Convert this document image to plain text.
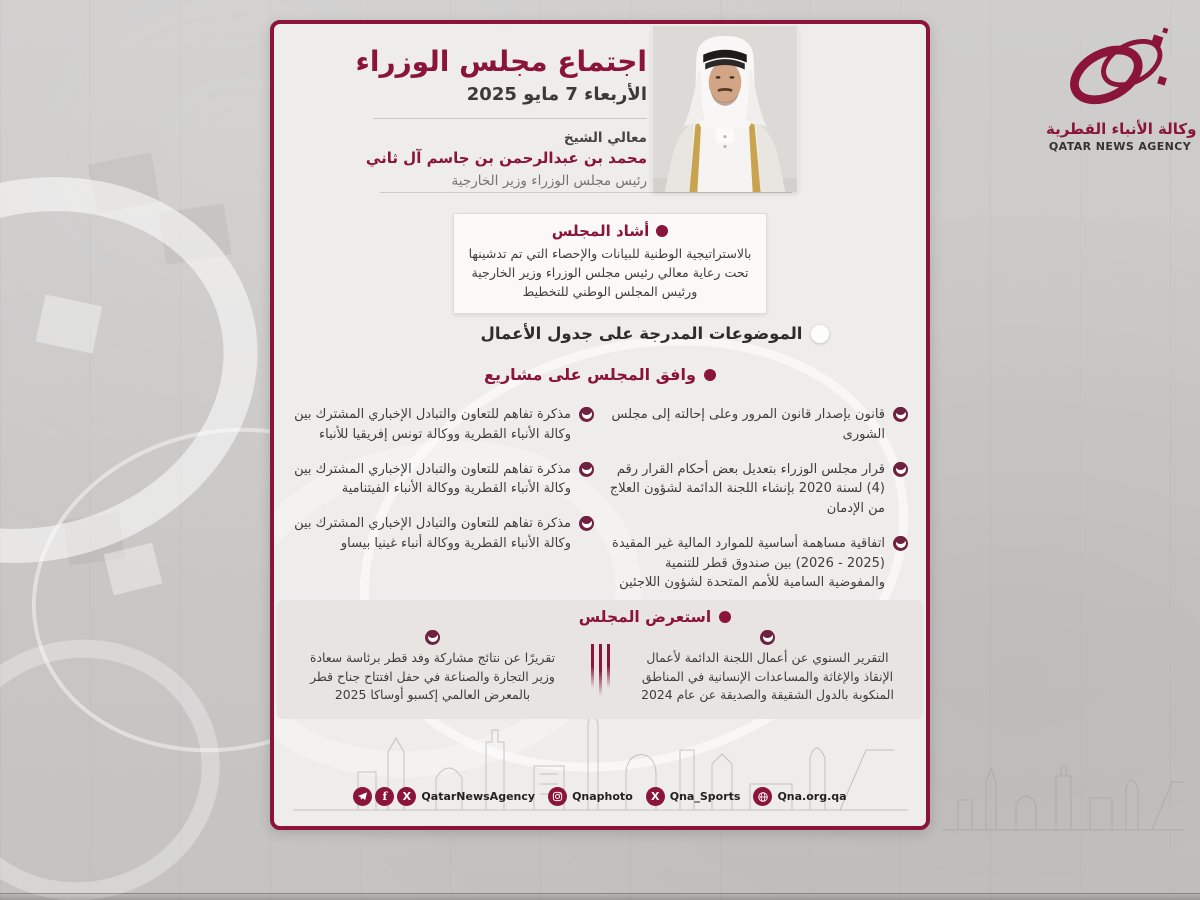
وكالة الأنباء القطرية
QATAR NEWS AGENCY
اجتماع مجلس الوزراء
الأربعاء 7 مايو 2025
معالي الشيخ
محمد بن عبدالرحمن بن جاسم آل ثاني
رئيس مجلس الوزراء وزير الخارجية
أشاد المجلس

بالاستراتيجية الوطنية للبيانات والإحصاء التي تم تدشينها تحت رعاية معالي رئيس مجلس الوزراء وزير الخارجية ورئيس المجلس الوطني للتخطيط

الموضوعات المدرجة على جدول الأعمال
وافق المجلس على مشاريع
قانون بإصدار قانون المرور وعلى إحالته إلى مجلس الشورى
قرار مجلس الوزراء بتعديل بعض أحكام القرار رقم (4) لسنة 2020 بإنشاء اللجنة الدائمة لشؤون العلاج من الإدمان
اتفاقية مساهمة أساسية للموارد المالية غير المقيدة (2025 - 2026) بين صندوق قطر للتنمية والمفوضية السامية للأمم المتحدة لشؤون اللاجئين
مذكرة تفاهم للتعاون والتبادل الإخباري المشترك بين وكالة الأنباء القطرية ووكالة تونس إفريقيا للأنباء
مذكرة تفاهم للتعاون والتبادل الإخباري المشترك بين وكالة الأنباء القطرية ووكالة الأنباء الفيتنامية
مذكرة تفاهم للتعاون والتبادل الإخباري المشترك بين وكالة الأنباء القطرية ووكالة أنباء غينيا بيساو
استعرض المجلس
التقرير السنوي عن أعمال اللجنة الدائمة لأعمال الإنقاذ والإغاثة والمساعدات الإنسانية في المناطق المنكوبة بالدول الشقيقة والصديقة عن عام 2024
تقريرًا عن نتائج مشاركة وفد قطر برئاسة سعادة وزير التجارة والصناعة في حفل افتتاح جناح قطر بالمعرض العالمي إكسبو أوساكا 2025
f	X QatarNewsAgency	Qnaphoto	X Qna_Sports	Qna.org.qa
